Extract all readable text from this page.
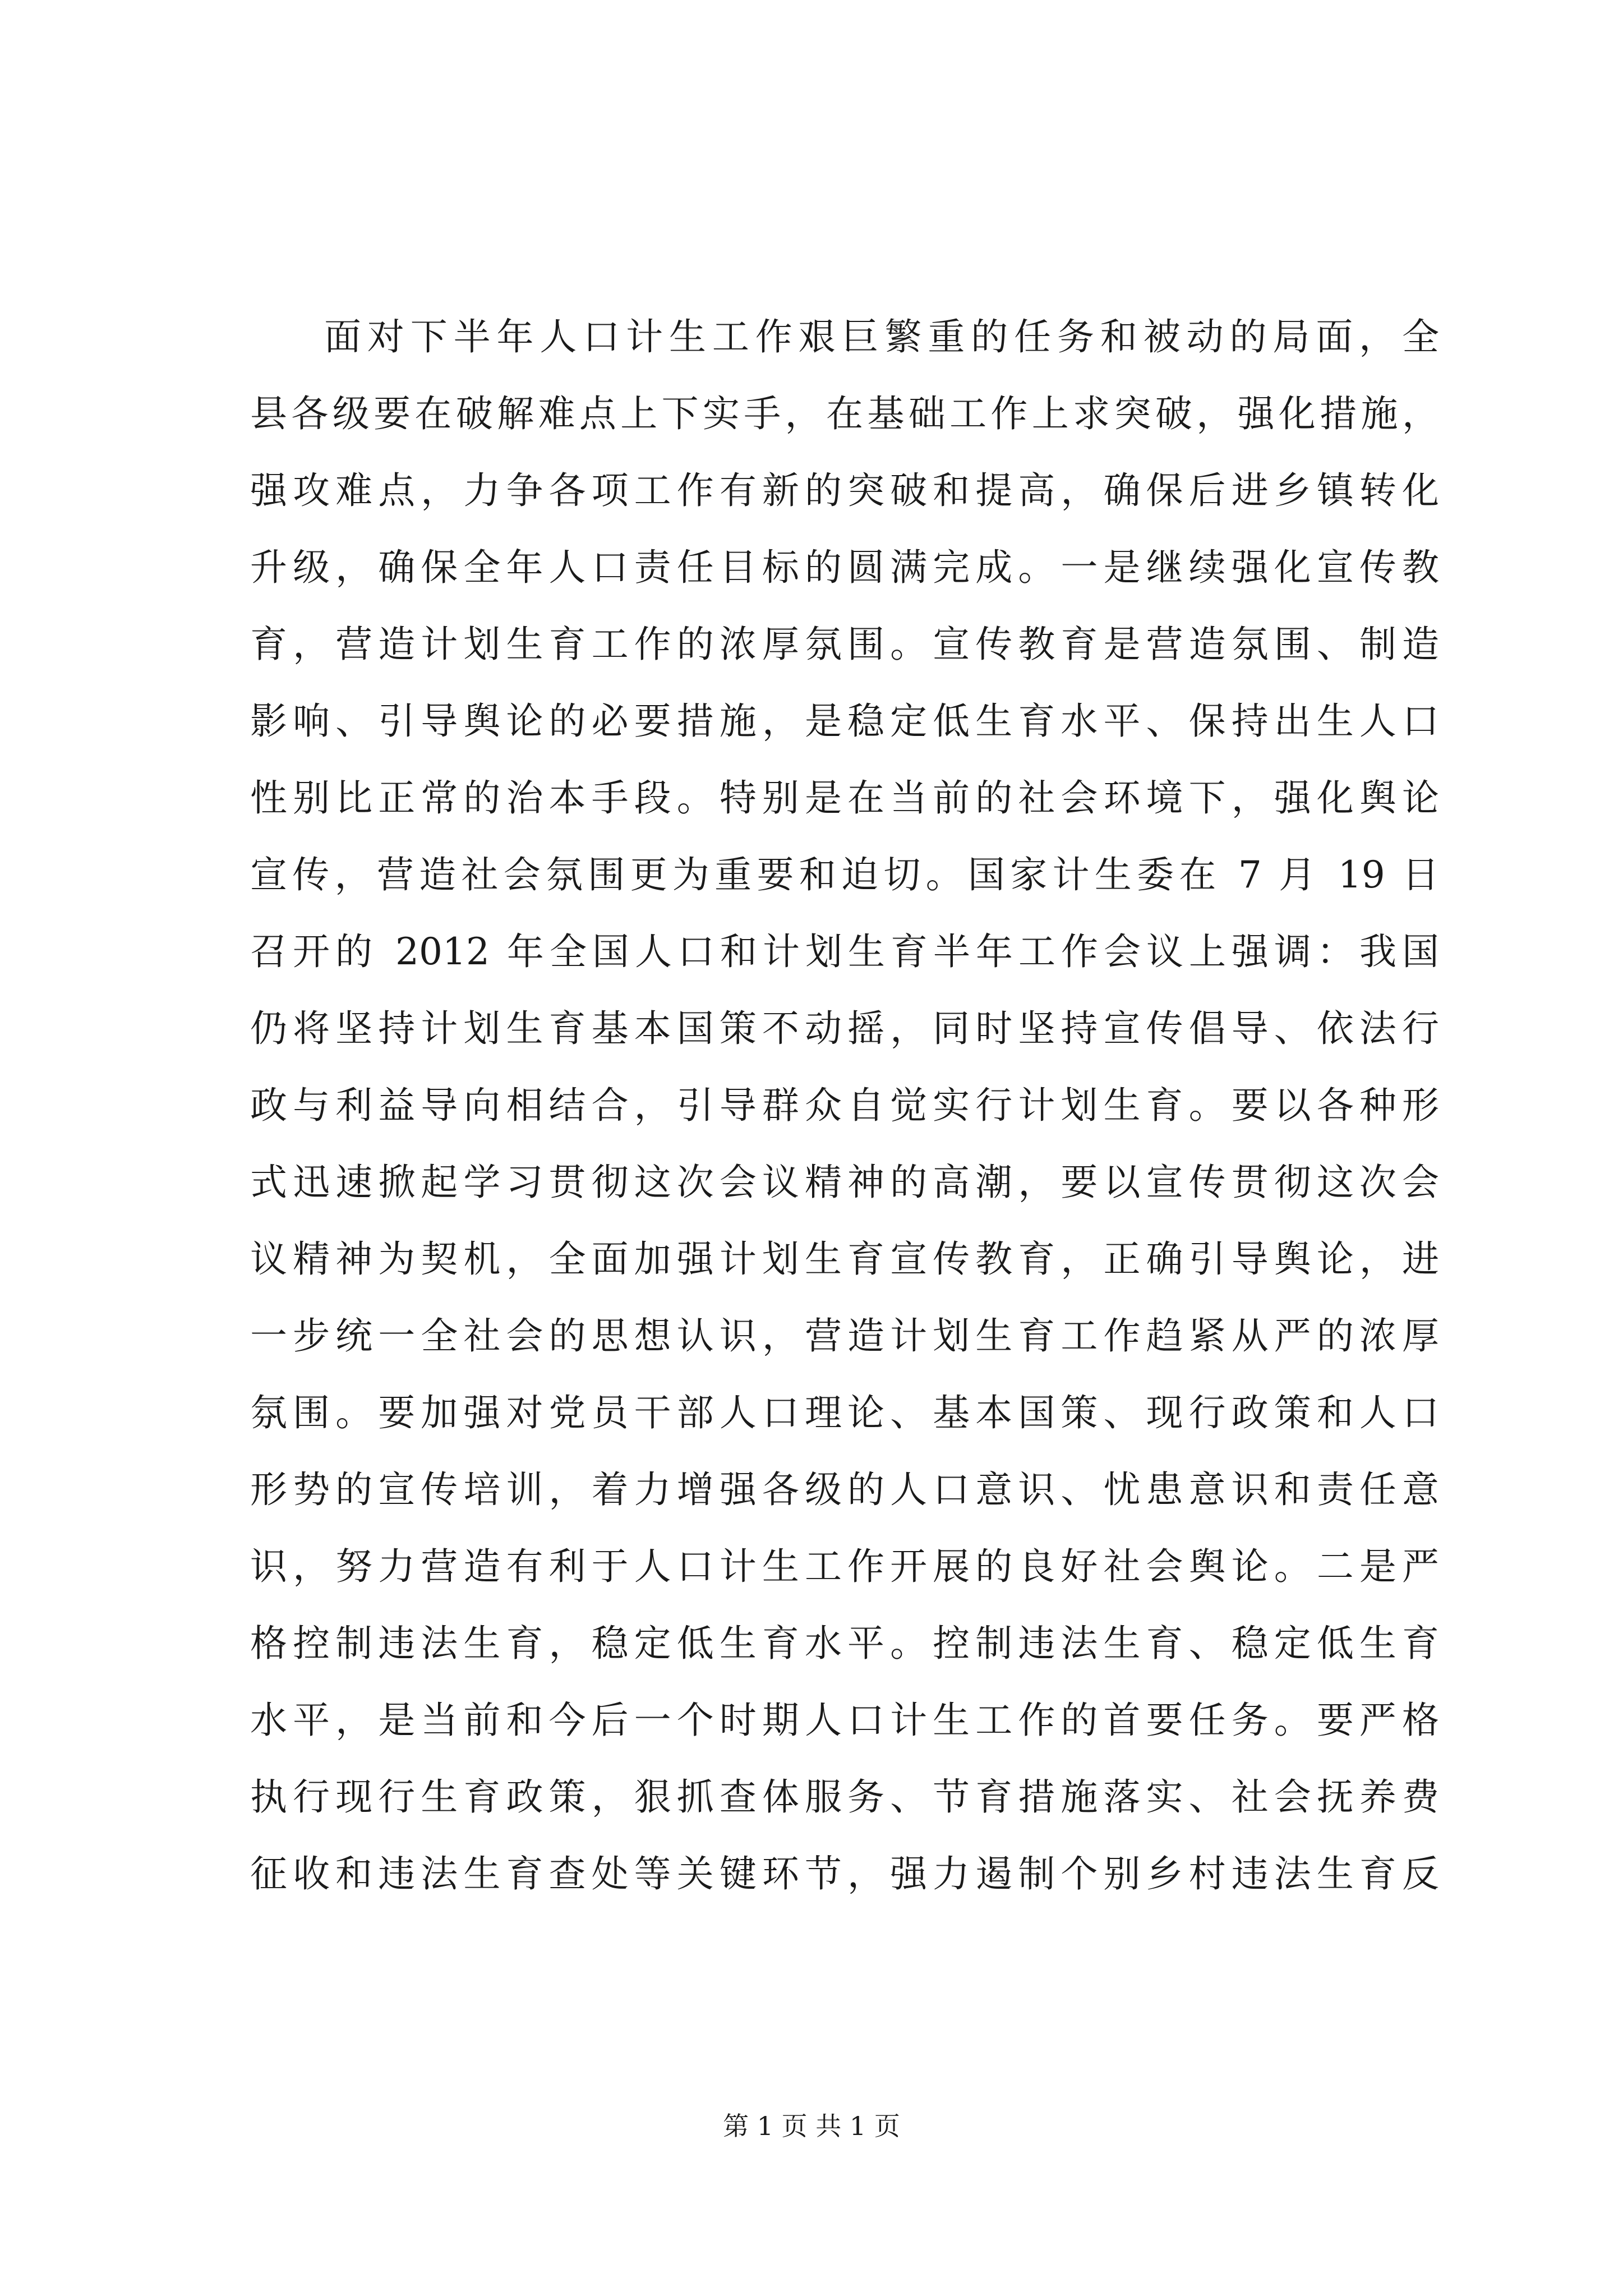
面对下半年人口计生工作艰巨繁重的任务和被动的局面，全
县各级要在破解难点上下实手，在基础工作上求突破，强化措施，
强攻难点，力争各项工作有新的突破和提高，确保后进乡镇转化
升级，确保全年人口责任目标的圆满完成。一是继续强化宣传教
育，营造计划生育工作的浓厚氛围。宣传教育是营造氛围、制造
影响、引导舆论的必要措施，是稳定低生育水平、保持出生人口
性别比正常的治本手段。特别是在当前的社会环境下，强化舆论
宣传，营造社会氛围更为重要和迫切。国家计生委在 7 月 19 日
召开的 2012 年全国人口和计划生育半年工作会议上强调：我国
仍将坚持计划生育基本国策不动摇，同时坚持宣传倡导、依法行
政与利益导向相结合，引导群众自觉实行计划生育。要以各种形
式迅速掀起学习贯彻这次会议精神的高潮，要以宣传贯彻这次会
议精神为契机，全面加强计划生育宣传教育，正确引导舆论，进
一步统一全社会的思想认识，营造计划生育工作趋紧从严的浓厚
氛围。要加强对党员干部人口理论、基本国策、现行政策和人口
形势的宣传培训，着力增强各级的人口意识、忧患意识和责任意
识，努力营造有利于人口计生工作开展的良好社会舆论。二是严
格控制违法生育，稳定低生育水平。控制违法生育、稳定低生育
水平，是当前和今后一个时期人口计生工作的首要任务。要严格
执行现行生育政策，狠抓查体服务、节育措施落实、社会抚养费
征收和违法生育查处等关键环节，强力遏制个别乡村违法生育反
第 1 页 共 1 页
